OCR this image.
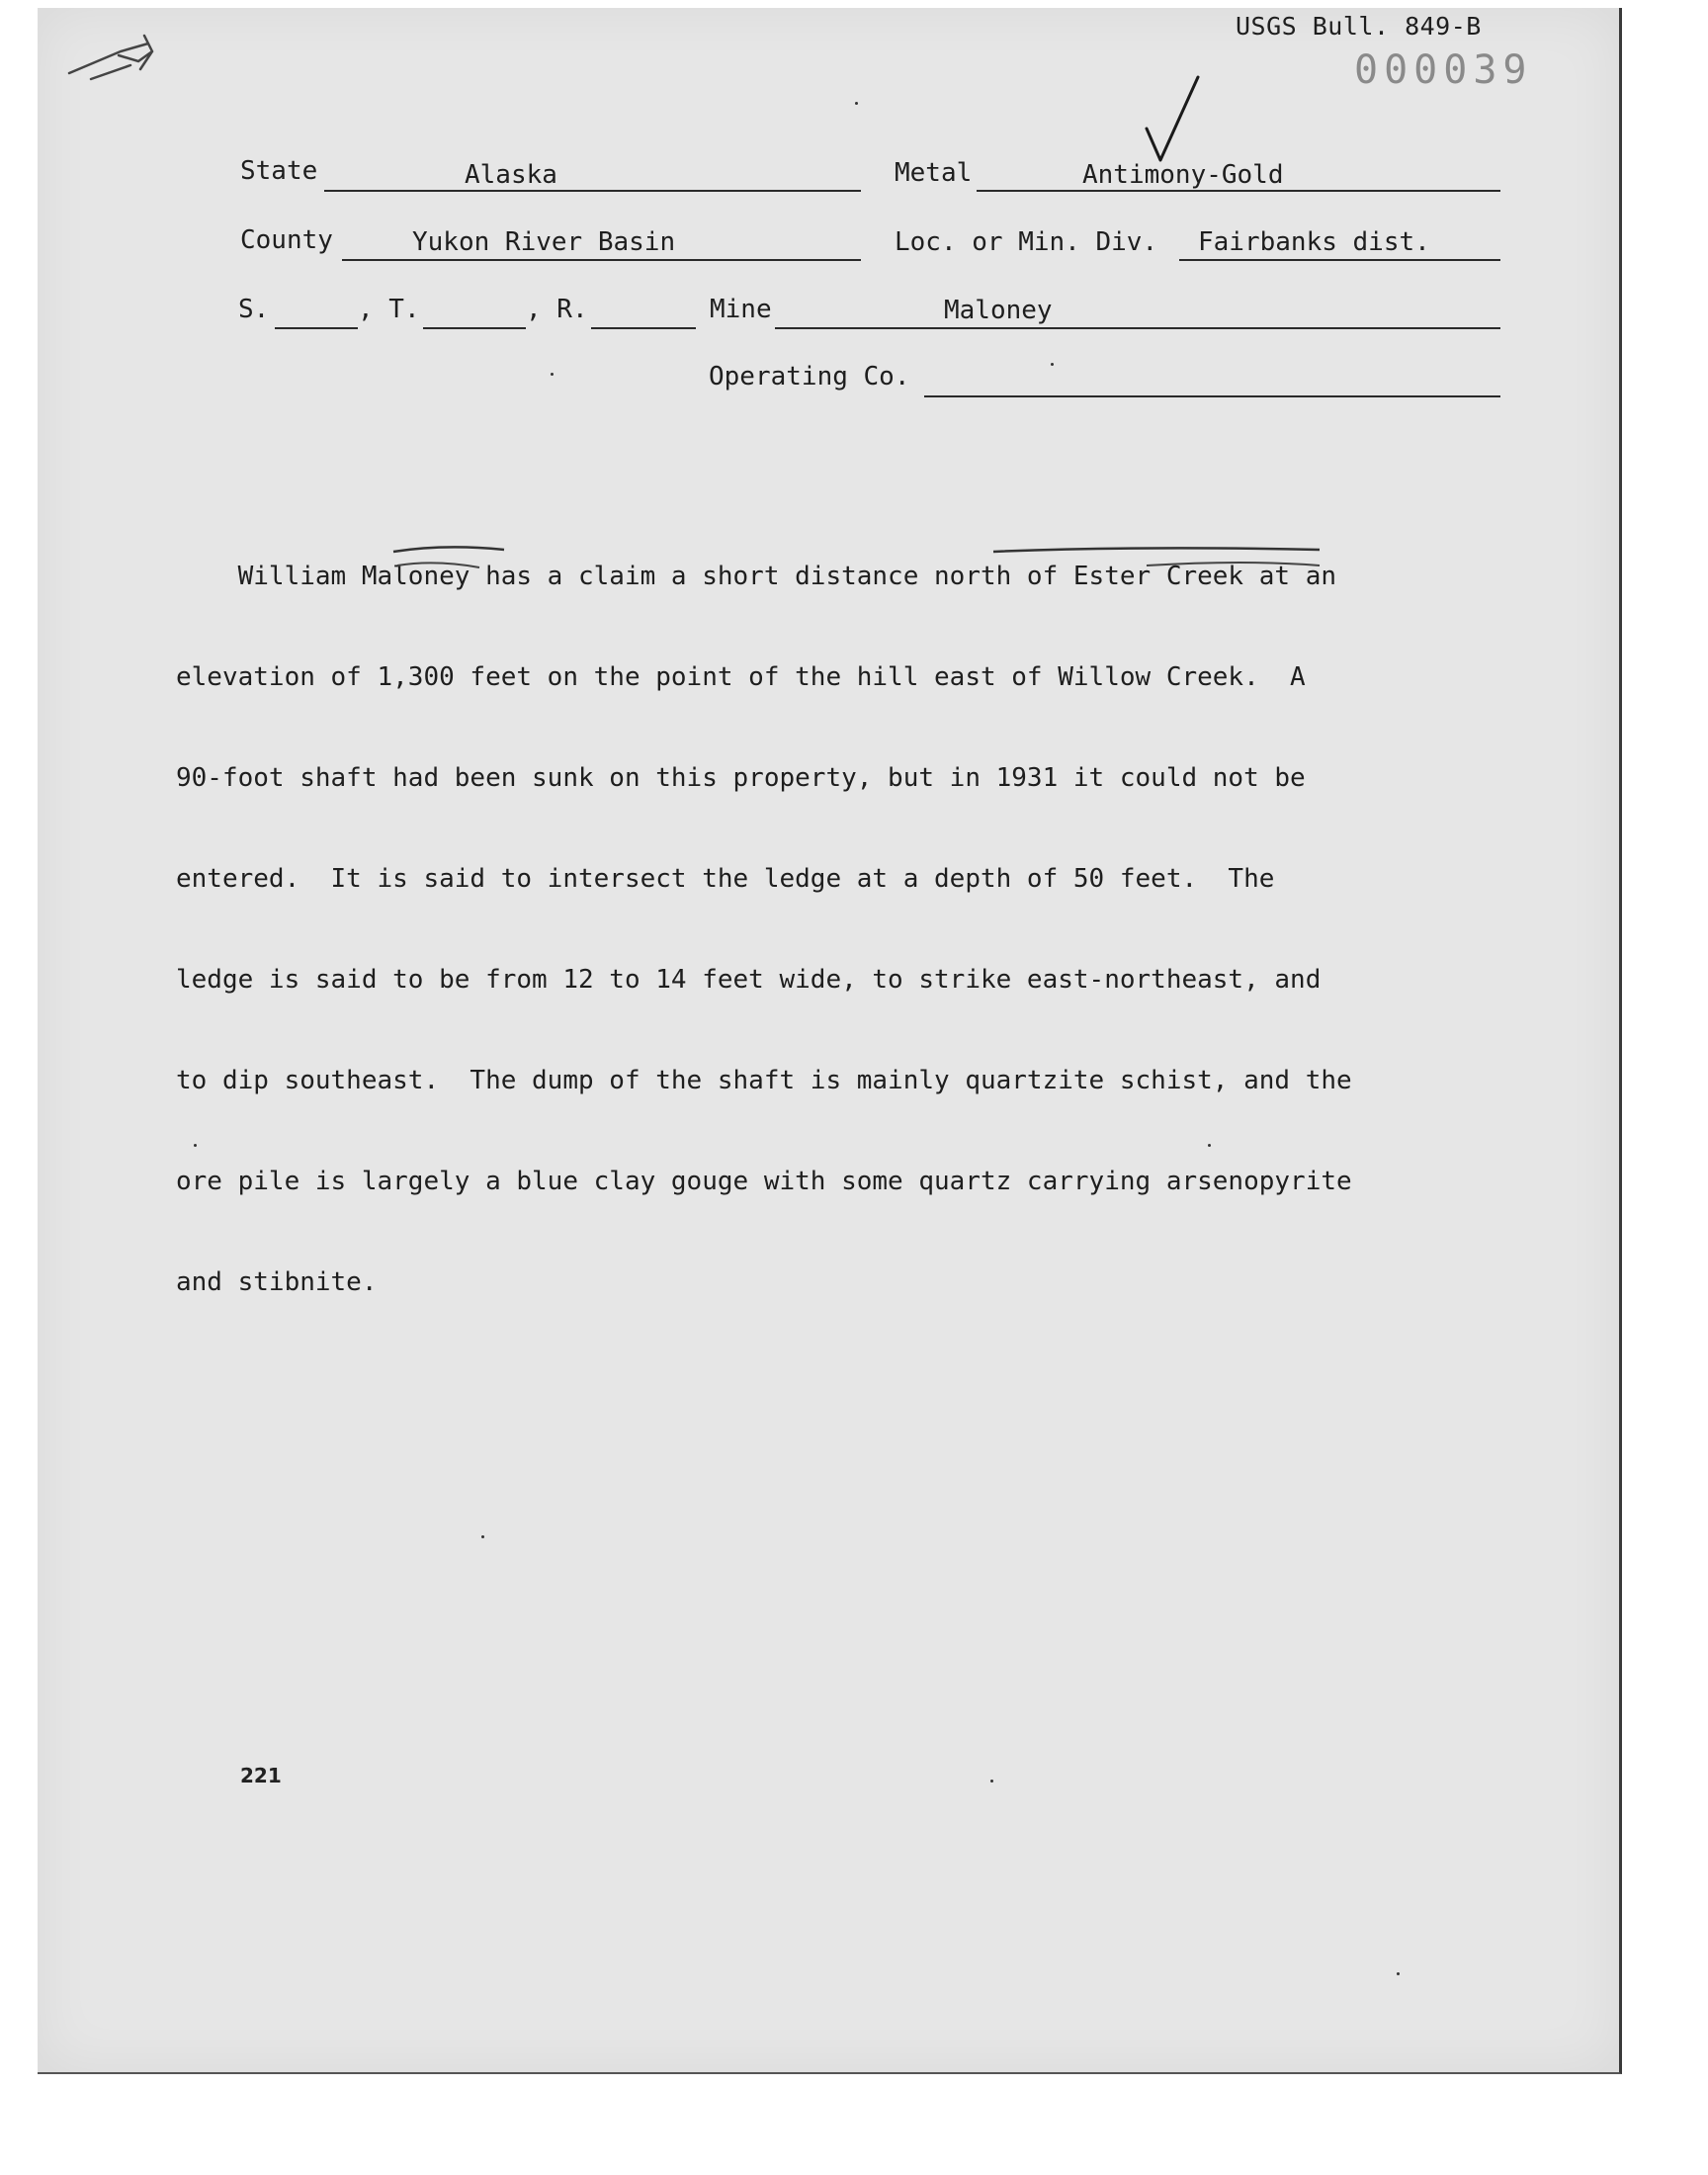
USGS Bull. 849-B
000039
State	Alaska	Metal	Antimony-Gold
County	Yukon River Basin	Loc. or Min. Div. Fairbanks dist.
S.	, T.	, R.	Mine	Maloney
Operating Co.

William Maloney has a claim a short distance north of Ester Creek at an

elevation of 1,300 feet on the point of the hill east of Willow Creek.  A

90-foot shaft had been sunk on this property, but in 1931 it could not be

entered.  It is said to intersect the ledge at a depth of 50 feet.  The

ledge is said to be from 12 to 14 feet wide, to strike east-northeast, and

to dip southeast.  The dump of the shaft is mainly quartzite schist, and the

ore pile is largely a blue clay gouge with some quartz carrying arsenopyrite

and stibnite.

221
